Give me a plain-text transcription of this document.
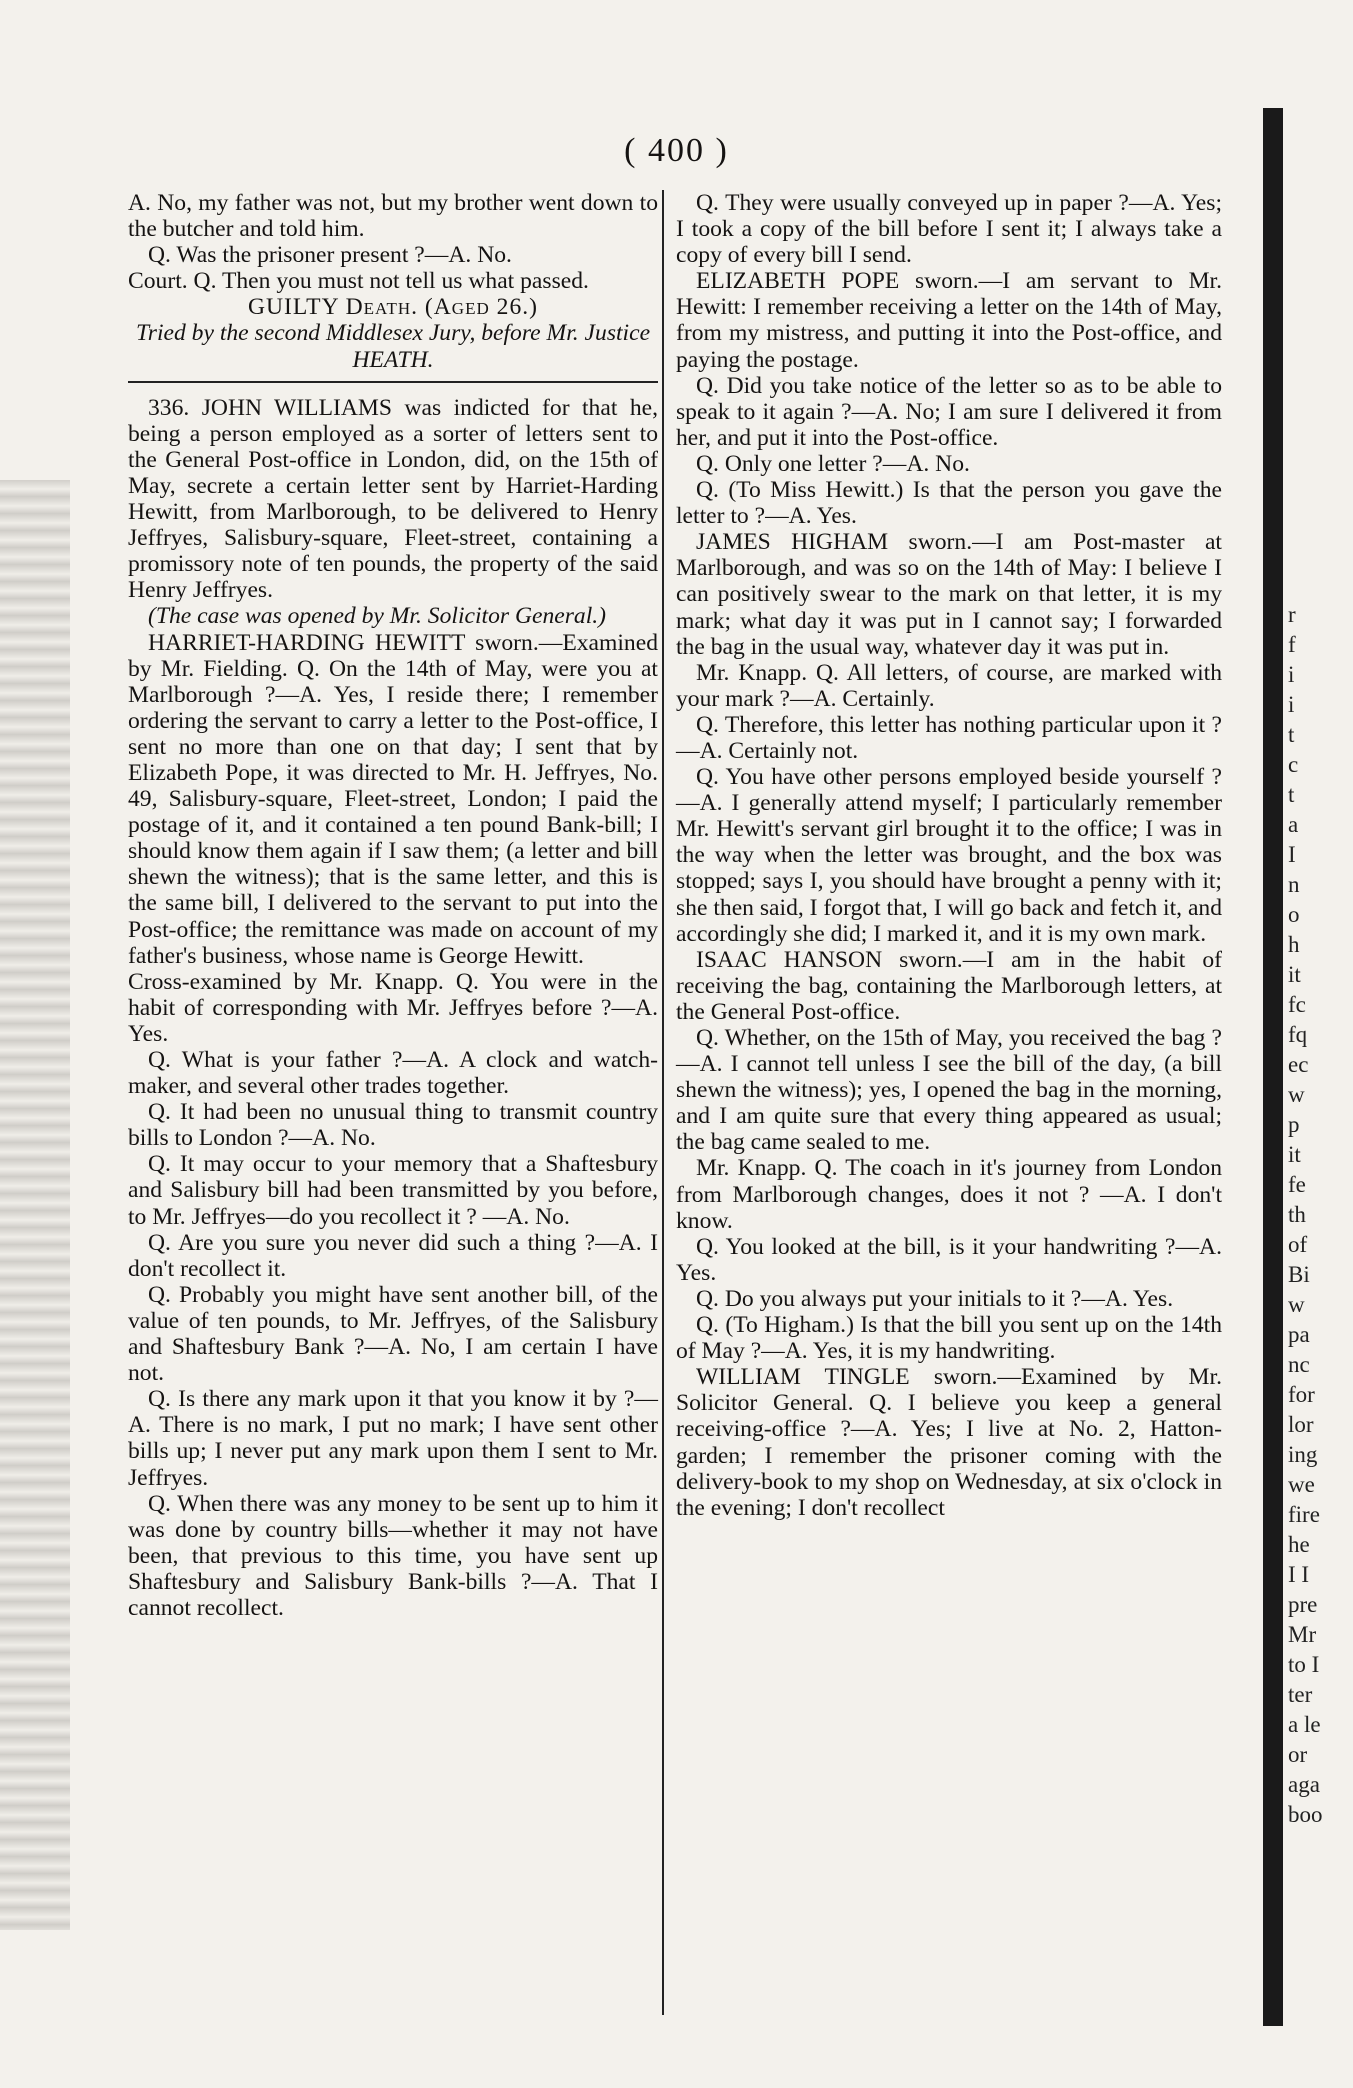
( 400 )

A. No, my father was not, but my brother went down to the butcher and told him.

Q. Was the prisoner present ?—A. No.

Court. Q. Then you must not tell us what passed.

GUILTY Death. (Aged 26.)

Tried by the second Middlesex Jury, before Mr. Justice HEATH.

336. JOHN WILLIAMS was indicted for that he, being a person employed as a sorter of letters sent to the General Post-office in London, did, on the 15th of May, secrete a certain letter sent by Harriet-Harding Hewitt, from Marlborough, to be delivered to Henry Jeffryes, Salisbury-square, Fleet-street, containing a promissory note of ten pounds, the property of the said Henry Jeffryes.

(The case was opened by Mr. Solicitor General.)

HARRIET-HARDING HEWITT sworn.—Examined by Mr. Fielding. Q. On the 14th of May, were you at Marlborough ?—A. Yes, I reside there; I remember ordering the servant to carry a letter to the Post-office, I sent no more than one on that day; I sent that by Elizabeth Pope, it was directed to Mr. H. Jeffryes, No. 49, Salisbury-square, Fleet-street, London; I paid the postage of it, and it contained a ten pound Bank-bill; I should know them again if I saw them; (a letter and bill shewn the witness); that is the same letter, and this is the same bill, I delivered to the servant to put into the Post-office; the remittance was made on account of my father's business, whose name is George Hewitt.

Cross-examined by Mr. Knapp. Q. You were in the habit of corresponding with Mr. Jeffryes before ?—A. Yes.

Q. What is your father ?—A. A clock and watch-maker, and several other trades together.

Q. It had been no unusual thing to transmit country bills to London ?—A. No.

Q. It may occur to your memory that a Shaftesbury and Salisbury bill had been transmitted by you before, to Mr. Jeffryes—do you recollect it ? —A. No.

Q. Are you sure you never did such a thing ?—A. I don't recollect it.

Q. Probably you might have sent another bill, of the value of ten pounds, to Mr. Jeffryes, of the Salisbury and Shaftesbury Bank ?—A. No, I am certain I have not.

Q. Is there any mark upon it that you know it by ?—A. There is no mark, I put no mark; I have sent other bills up; I never put any mark upon them I sent to Mr. Jeffryes.

Q. When there was any money to be sent up to him it was done by country bills—whether it may not have been, that previous to this time, you have sent up Shaftesbury and Salisbury Bank-bills ?—A. That I cannot recollect.

Q. They were usually conveyed up in paper ?—A. Yes; I took a copy of the bill before I sent it; I always take a copy of every bill I send.

ELIZABETH POPE sworn.—I am servant to Mr. Hewitt: I remember receiving a letter on the 14th of May, from my mistress, and putting it into the Post-office, and paying the postage.

Q. Did you take notice of the letter so as to be able to speak to it again ?—A. No; I am sure I delivered it from her, and put it into the Post-office.

Q. Only one letter ?—A. No.

Q. (To Miss Hewitt.) Is that the person you gave the letter to ?—A. Yes.

JAMES HIGHAM sworn.—I am Post-master at Marlborough, and was so on the 14th of May: I believe I can positively swear to the mark on that letter, it is my mark; what day it was put in I cannot say; I forwarded the bag in the usual way, whatever day it was put in.

Mr. Knapp. Q. All letters, of course, are marked with your mark ?—A. Certainly.

Q. Therefore, this letter has nothing particular upon it ?—A. Certainly not.

Q. You have other persons employed beside yourself ?—A. I generally attend myself; I particularly remember Mr. Hewitt's servant girl brought it to the office; I was in the way when the letter was brought, and the box was stopped; says I, you should have brought a penny with it; she then said, I forgot that, I will go back and fetch it, and accordingly she did; I marked it, and it is my own mark.

ISAAC HANSON sworn.—I am in the habit of receiving the bag, containing the Marlborough letters, at the General Post-office.

Q. Whether, on the 15th of May, you received the bag ?—A. I cannot tell unless I see the bill of the day, (a bill shewn the witness); yes, I opened the bag in the morning, and I am quite sure that every thing appeared as usual; the bag came sealed to me.

Mr. Knapp. Q. The coach in it's journey from London from Marlborough changes, does it not ? —A. I don't know.

Q. You looked at the bill, is it your handwriting ?—A. Yes.

Q. Do you always put your initials to it ?—A. Yes.

Q. (To Higham.) Is that the bill you sent up on the 14th of May ?—A. Yes, it is my handwriting.

WILLIAM TINGLE sworn.—Examined by Mr. Solicitor General. Q. I believe you keep a general receiving-office ?—A. Yes; I live at No. 2, Hatton-garden; I remember the prisoner coming with the delivery-book to my shop on Wednesday, at six o'clock in the evening; I don't recollect

r
f
i
i
t
c
t
a
I
n
o
h
it
fc
fq
ec
w
p
it
fe
th
of
Bi
w
pa
nc
for
lor
ing
we
fire
he
I I
pre
Mr
to I
ter
a le
or
aga
boo
